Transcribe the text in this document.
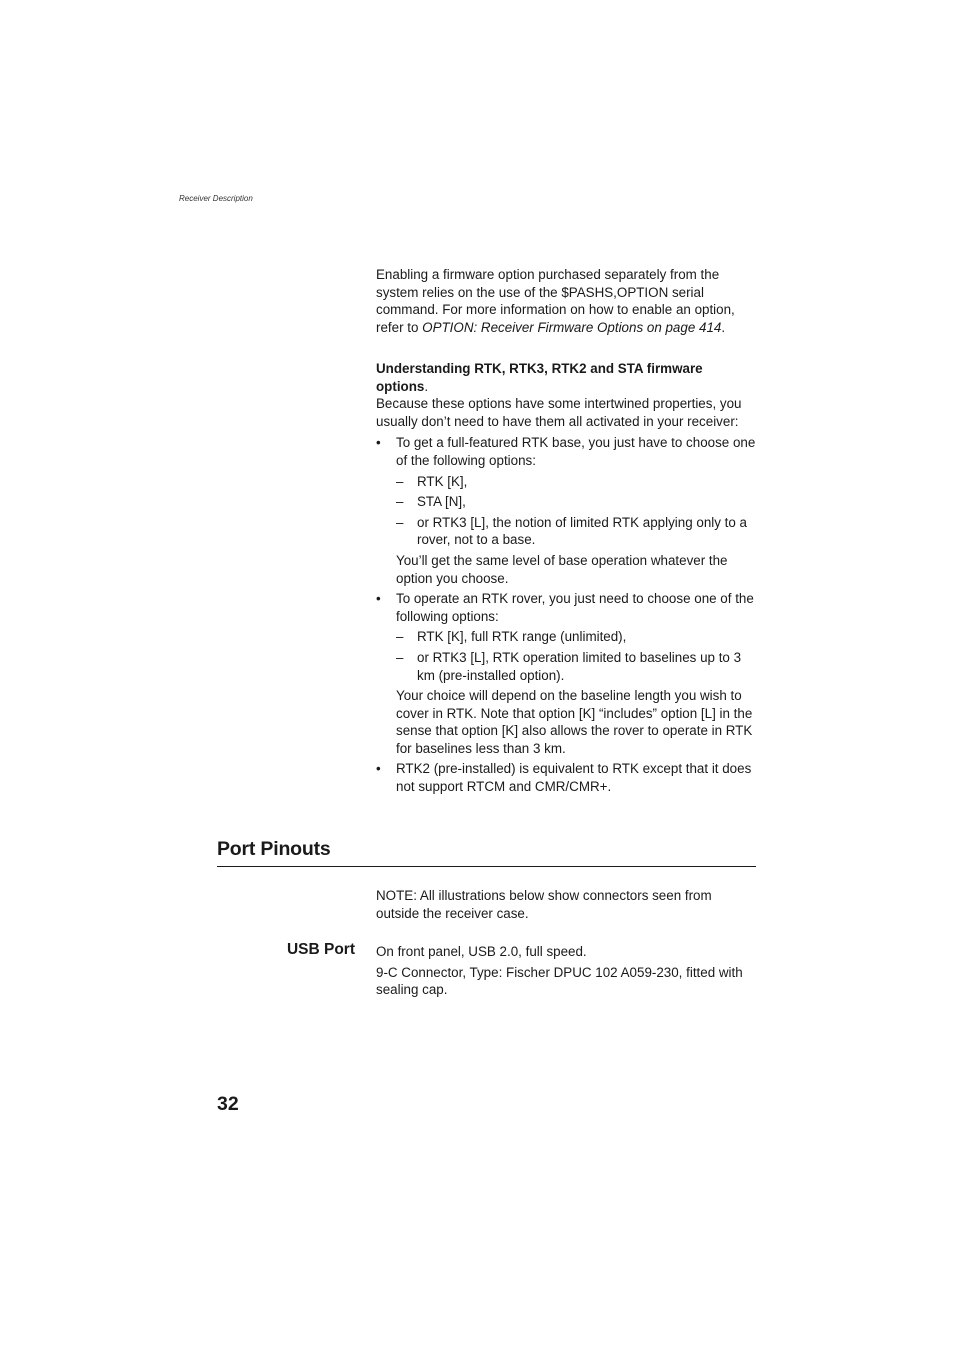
Receiver Description

Enabling a firmware option purchased separately from the system relies on the use of the $PASHS,OPTION serial command. For more information on how to enable an option, refer to OPTION: Receiver Firmware Options on page 414.

Understanding RTK, RTK3, RTK2 and STA firmware options.

Because these options have some intertwined properties, you usually don’t need to have them all activated in your receiver:

•	To get a full-featured RTK base, you just have to choose one of the following options:
– RTK [K],
– STA [N],
– or RTK3 [L], the notion of limited RTK applying only to a rover, not to a base.

You’ll get the same level of base operation whatever the option you choose.

•	To operate an RTK rover, you just need to choose one of the following options:
– RTK [K], full RTK range (unlimited),
– or RTK3 [L], RTK operation limited to baselines up to 3 km (pre-installed option).

Your choice will depend on the baseline length you wish to cover in RTK. Note that option [K] “includes” option [L] in the sense that option [K] also allows the rover to operate in RTK for baselines less than 3 km.

•	RTK2 (pre-installed) is equivalent to RTK except that it does not support RTCM and CMR/CMR+.
Port Pinouts

NOTE: All illustrations below show connectors seen from outside the receiver case.

USB Port On front panel, USB 2.0, full speed.

9-C Connector, Type: Fischer DPUC 102 A059-230, fitted with sealing cap.

32
